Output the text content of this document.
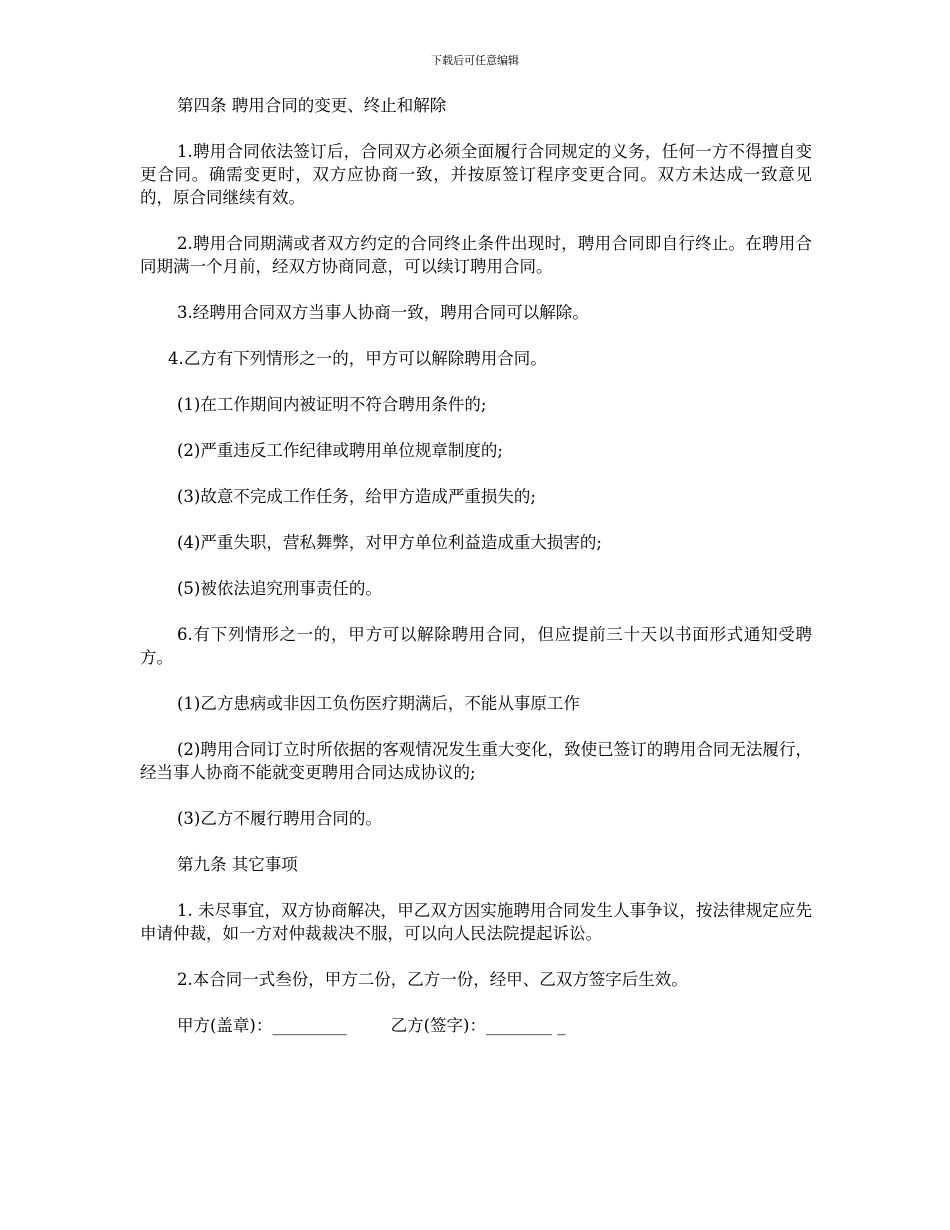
下载后可任意编辑

第四条 聘用合同的变更、终止和解除

1.聘用合同依法签订后，合同双方必须全面履行合同规定的义务，任何一方不得擅自变更合同。确需变更时，双方应协商一致，并按原签订程序变更合同。双方未达成一致意见的，原合同继续有效。

2.聘用合同期满或者双方约定的合同终止条件出现时，聘用合同即自行终止。在聘用合同期满一个月前，经双方协商同意，可以续订聘用合同。

3.经聘用合同双方当事人协商一致，聘用合同可以解除。

4.乙方有下列情形之一的，甲方可以解除聘用合同。

(1)在工作期间内被证明不符合聘用条件的;

(2)严重违反工作纪律或聘用单位规章制度的;

(3)故意不完成工作任务，给甲方造成严重损失的;

(4)严重失职，营私舞弊，对甲方单位利益造成重大损害的;

(5)被依法追究刑事责任的。

6.有下列情形之一的，甲方可以解除聘用合同，但应提前三十天以书面形式通知受聘方。

(1)乙方患病或非因工负伤医疗期满后，不能从事原工作

(2)聘用合同订立时所依据的客观情况发生重大变化，致使已签订的聘用合同无法履行，经当事人协商不能就变更聘用合同达成协议的;

(3)乙方不履行聘用合同的。

第九条 其它事项

1. 未尽事宜，双方协商解决，甲乙双方因实施聘用合同发生人事争议，按法律规定应先申请仲裁，如一方对仲裁裁决不服，可以向人民法院提起诉讼。

2.本合同一式叁份，甲方二份，乙方一份，经甲、乙双方签字后生效。

甲方(盖章)：_________	乙方(签字)：________ _
